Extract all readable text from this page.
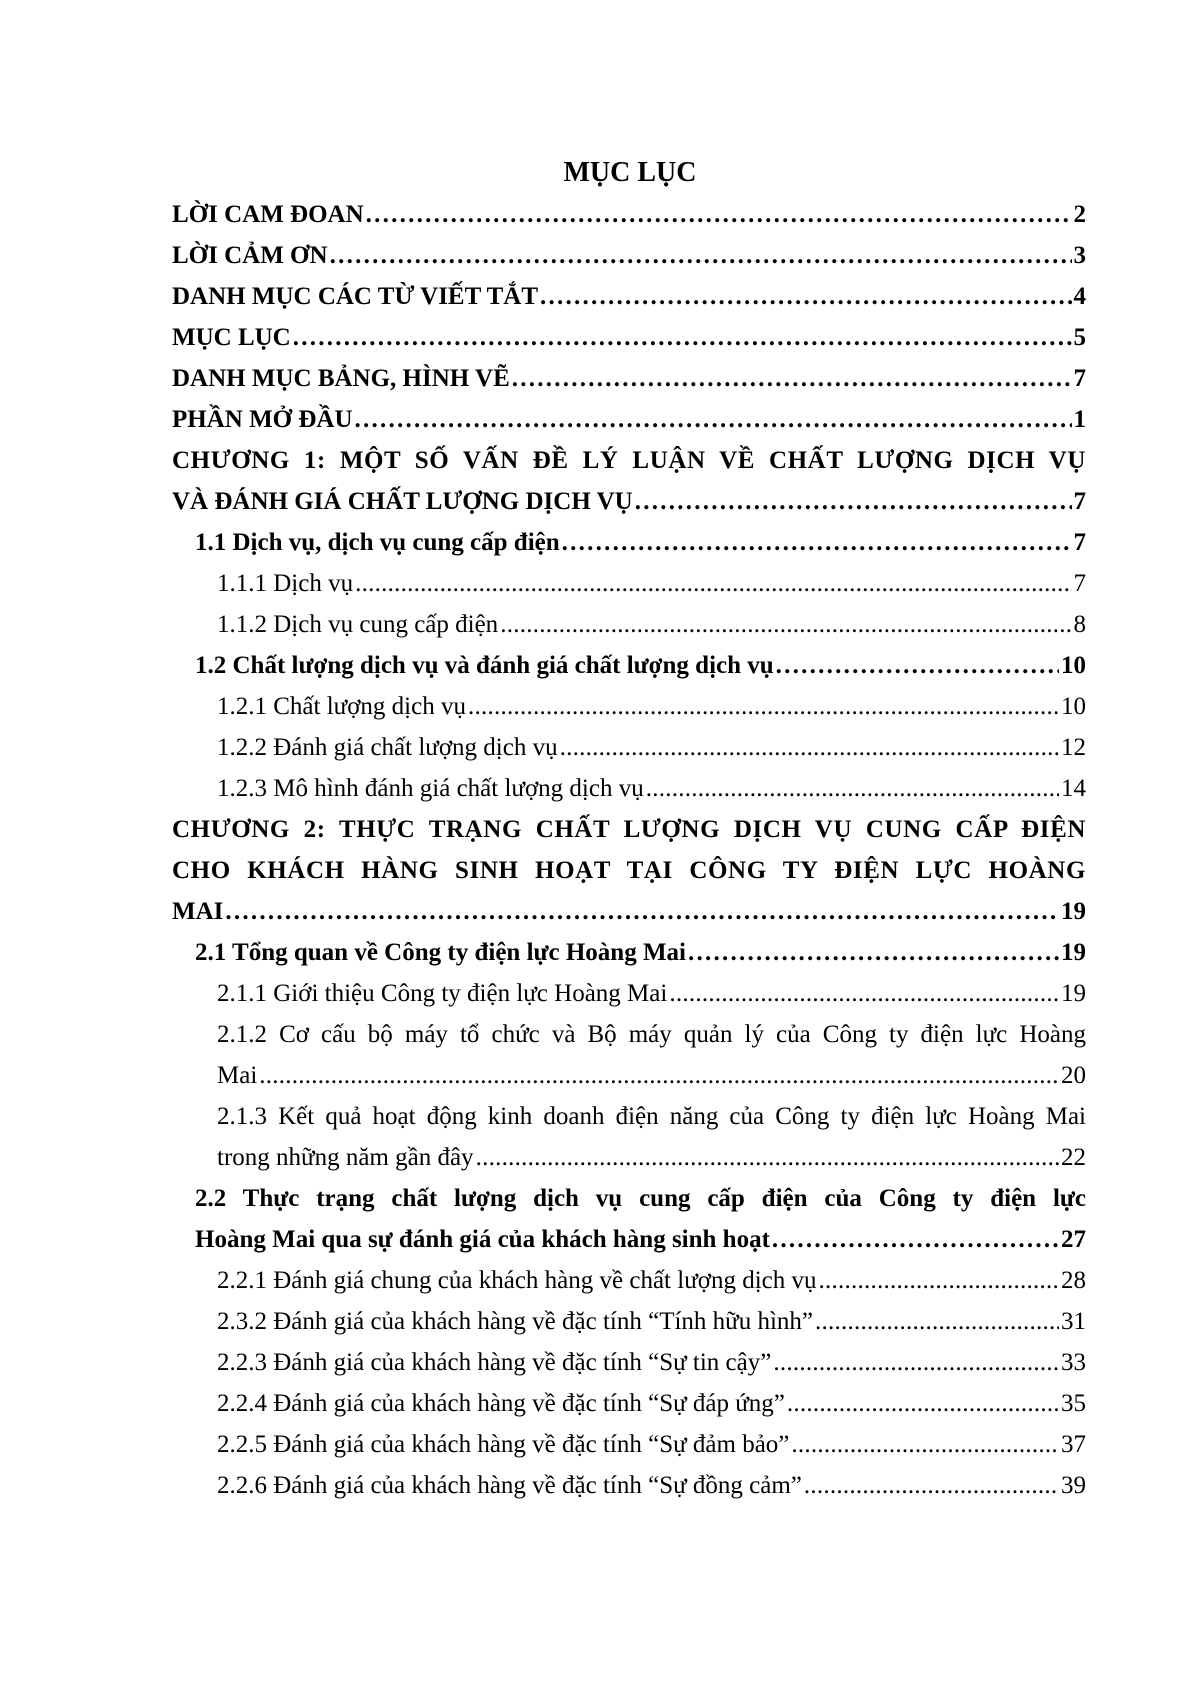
MỤC LỤC
LỜI CAM ĐOAN . . .	2
LỜI CẢM ƠN . . .	3
DANH MỤC CÁC TỪ VIẾT TẮT . . .	4
MỤC LỤC . . .	5
DANH MỤC BẢNG, HÌNH VẼ . . .	7
PHẦN MỞ ĐẦU . . .	1
CHƯƠNG 1: MỘT SỐ VẤN ĐỀ LÝ LUẬN VỀ CHẤT LƯỢNG DỊCH VỤ
VÀ ĐÁNH GIÁ CHẤT LƯỢNG DỊCH VỤ . . .	7
1.1 Dịch vụ, dịch vụ cung cấp điện . . .	7
1.1.1 Dịch vụ . . .	7
1.1.2 Dịch vụ cung cấp điện . . .	8
1.2 Chất lượng dịch vụ và đánh giá chất lượng dịch vụ . . .	10
1.2.1 Chất lượng dịch vụ . . .	10
1.2.2 Đánh giá chất lượng dịch vụ . . .	12
1.2.3 Mô hình đánh giá chất lượng dịch vụ . . .	14
CHƯƠNG 2: THỰC TRẠNG CHẤT LƯỢNG DỊCH VỤ CUNG CẤP ĐIỆN
CHO KHÁCH HÀNG SINH HOẠT TẠI CÔNG TY ĐIỆN LỰC HOÀNG
MAI . . .	19
2.1 Tổng quan về Công ty điện lực Hoàng Mai . . .	19
2.1.1 Giới thiệu Công ty điện lực Hoàng Mai . . .	19
2.1.2 Cơ cấu bộ máy tổ chức và Bộ máy quản lý của Công ty điện lực Hoàng
Mai . . .	20
2.1.3 Kết quả hoạt động kinh doanh điện năng của Công ty điện lực Hoàng Mai
trong những năm gần đây . . .	22
2.2 Thực trạng chất lượng dịch vụ cung cấp điện của Công ty điện lực
Hoàng Mai qua sự đánh giá của khách hàng sinh hoạt . . .	27
2.2.1 Đánh giá chung của khách hàng về chất lượng dịch vụ . . .	28
2.3.2 Đánh giá của khách hàng về đặc tính “Tính hữu hình” . . .	31
2.2.3 Đánh giá của khách hàng về đặc tính “Sự tin cậy” . . .	33
2.2.4 Đánh giá của khách hàng về đặc tính “Sự đáp ứng” . . .	35
2.2.5 Đánh giá của khách hàng về đặc tính “Sự đảm bảo” . . .	37
2.2.6 Đánh giá của khách hàng về đặc tính “Sự đồng cảm” . . .	39
